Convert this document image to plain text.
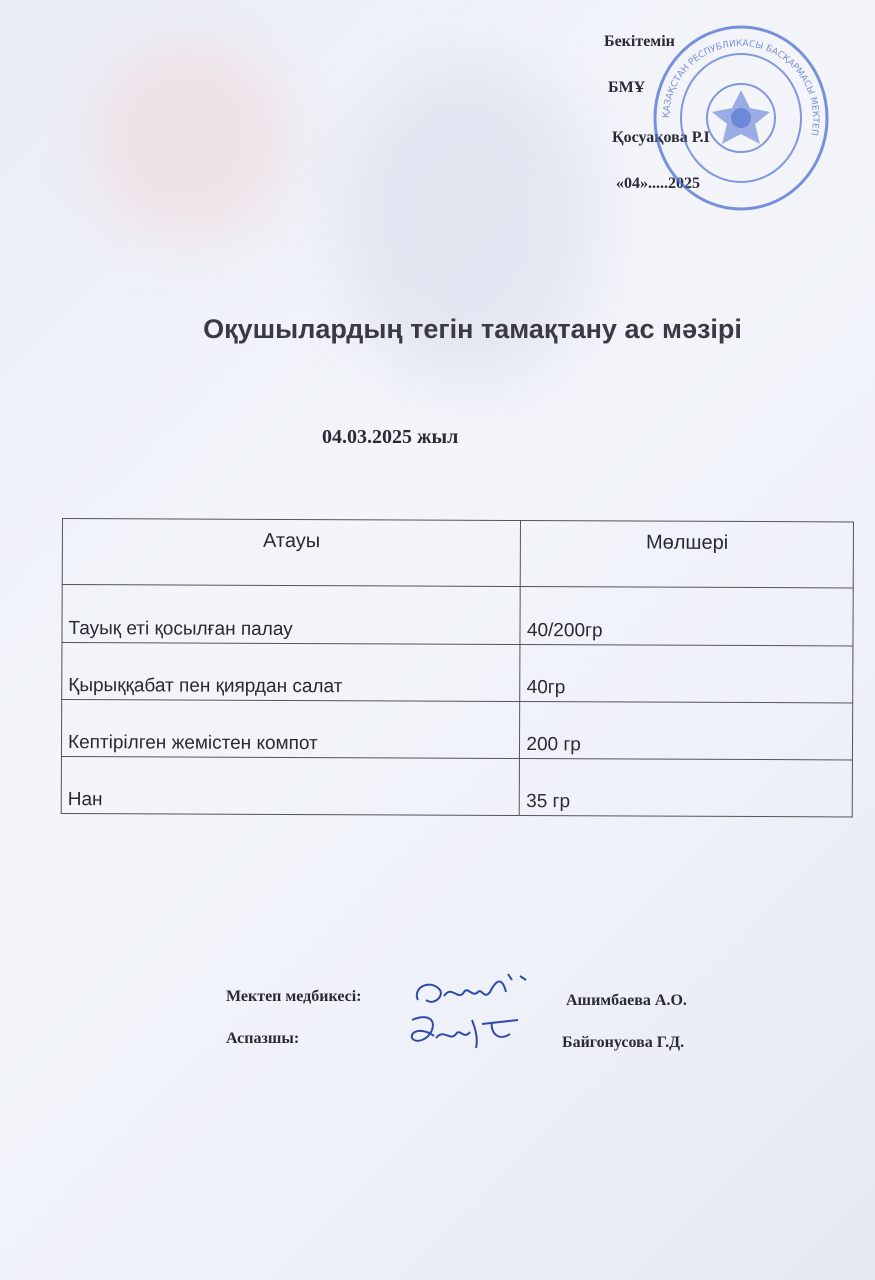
Бекітемін
БМҰ
Қосуақова Р.І
«04».....2025
ҚАЗАҚСТАН РЕСПУБЛИКАСЫ БАСҚАРМАСЫ МЕКТЕП
Оқушылардың тегін тамақтану ас мәзірі
04.03.2025 жыл
Атауы	Мөлшері
Тауық еті қосылған палау	40/200гр
Қырыққабат пен қиярдан салат	40гр
Кептірілген жемістен компот	200 гр
Нан	35 гр
Мектеп медбикесі:	Ашимбаева А.О.
Аспазшы:	Байгонусова Г.Д.
